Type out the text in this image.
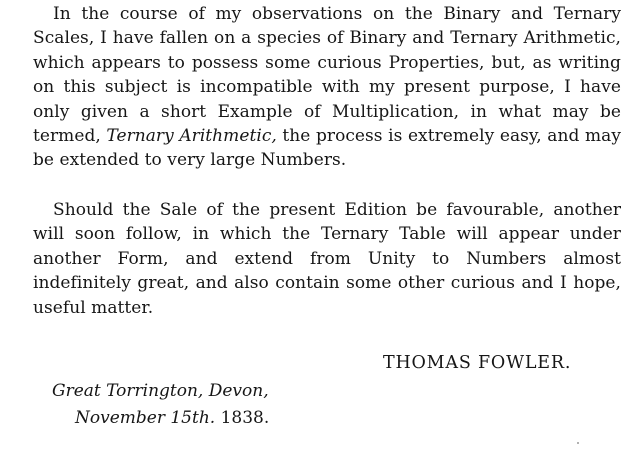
In the course of my observations on the Binary and Ternary Scales, I have fallen on a species of Binary and Ternary Arithmetic, which appears to possess some curious Properties, but, as writing on this subject is incompatible with my present purpose, I have only given a short Example of Multiplication, in what may be termed, Ternary Arithmetic, the process is extremely easy, and may be extended to very large Numbers.

Should the Sale of the present Edition be favourable, another will soon follow, in which the Ternary Table will appear under another Form, and extend from Unity to Numbers almost indefinitely great, and also contain some other curious and I hope, useful matter.

THOMAS FOWLER.

Great Torrington, Devon,

November 15th. 1838.
